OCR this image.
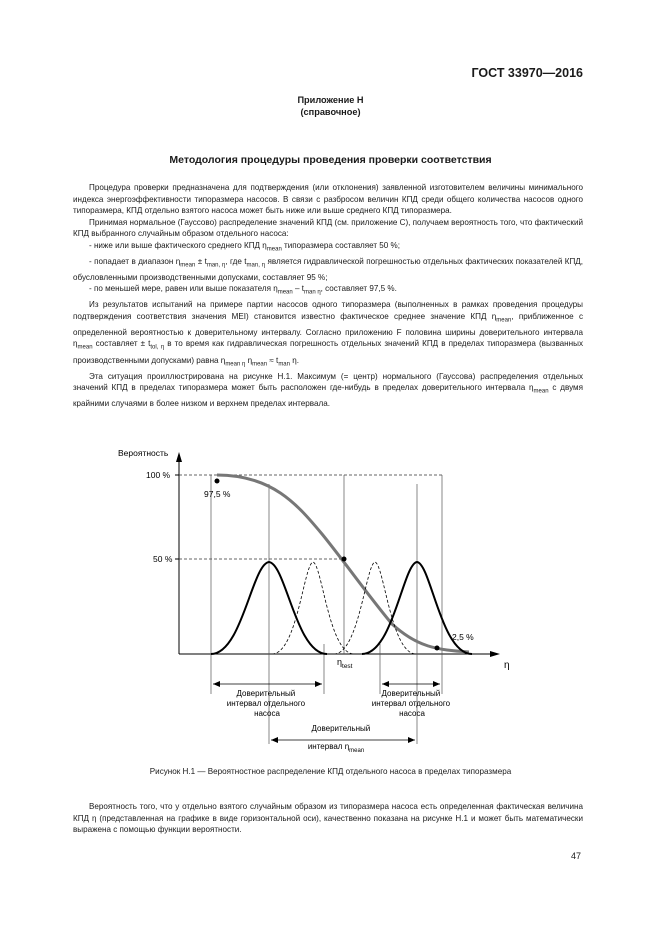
ГОСТ 33970—2016
Приложение Н
(справочное)
Методология процедуры проведения проверки соответствия

Процедура проверки предназначена для подтверждения (или отклонения) заявленной изготовителем величины минимального индекса энергоэффективности типоразмера насосов. В связи с разбросом величин КПД среди общего количества насосов одного типоразмера, КПД отдельно взятого насоса может быть ниже или выше среднего КПД типоразмера.

Принимая нормальное (Гауссово) распределение значений КПД (см. приложение С), получаем вероятность того, что фактический КПД выбранного случайным образом отдельного насоса:

- ниже или выше фактического среднего КПД $\eta_{mean}$ типоразмера составляет 50 %;

- попадает в диапазон $\eta_{mean} \pm t_{man, \eta}$, где $t_{man, \eta}$ является гидравлической погрешностью отдельных фактических показателей КПД, обусловленными производственными допусками, составляет 95 %;

- по меньшей мере, равен или выше показателя $\eta_{mean} - t_{man \eta}$, составляет 97,5 %.

Из результатов испытаний на примере партии насосов одного типоразмера (выполненных в рамках проведения процедуры подтверждения соответствия значения MEI) становится известно фактическое среднее значение КПД $\eta_{mean}$, приближенное с определенной вероятностью к доверительному интервалу. Согласно приложению F половина ширины доверительного интервала $\eta_{mean}$ составляет ± $t_{tol, \eta}$ в то время как гидравлическая погрешность отдельных значений КПД в пределах типоразмера (вызванных производственными допусками) равна $\eta_{mean \eta}$ $\eta_{mean} \approx t_{man}$ η.

Эта ситуация проиллюстрирована на рисунке Н.1. Максимум (= центр) нормального (Гауссова) распределения отдельных значений КПД в пределах типоразмера может быть расположен где-нибудь в пределах доверительного интервала $\eta_{mean}$ с двумя крайними случаями в более низком и верхнем пределах интервала.

Вероятность
η
100 %
50 %
97,5 %
2,5 %
$\eta_{test}$
Доверительный интервал отдельного насоса
Доверительный интервал отдельного насоса
Доверительный интервал $\eta_{mean}$
Рисунок Н.1 — Вероятностное распределение КПД отдельного насоса в пределах типоразмера

Вероятность того, что у отдельно взятого случайным образом из типоразмера насоса есть определенная фактическая величина КПД η (представленная на графике в виде горизонтальной оси), качественно показана на рисунке Н.1 и может быть математически выражена с помощью функции вероятности.

47
